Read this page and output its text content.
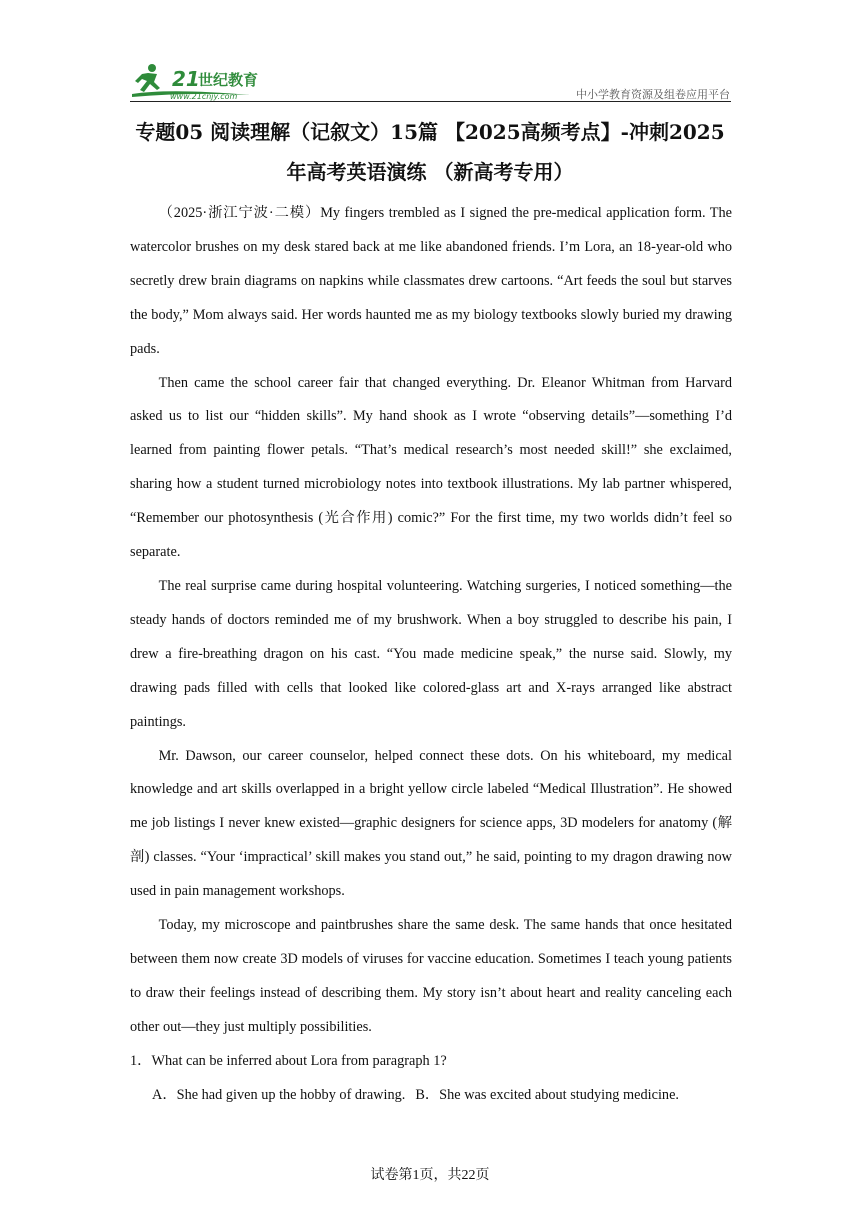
21
世纪教育
www.21cnjy.com	中小学教育资源及组卷应用平台
专题05 阅读理解（记叙文）15篇 【2025高频考点】-冲刺2025
年高考英语演练 （新高考专用）

（2025·浙江宁波·二模）My fingers trembled as I signed the pre-medical application form. The watercolor brushes on my desk stared back at me like abandoned friends. I’m Lora, an 18-year-old who secretly drew brain diagrams on napkins while classmates drew cartoons. “Art feeds the soul but starves the body,” Mom always said. Her words haunted me as my biology textbooks slowly buried my drawing pads.

Then came the school career fair that changed everything. Dr. Eleanor Whitman from Harvard asked us to list our “hidden skills”. My hand shook as I wrote “observing details”—something I’d learned from painting flower petals. “That’s medical research’s most needed skill!” she exclaimed, sharing how a student turned microbiology notes into textbook illustrations. My lab partner whispered, “Remember our photosynthesis (光合作用) comic?” For the first time, my two worlds didn’t feel so separate.

The real surprise came during hospital volunteering. Watching surgeries, I noticed something—the steady hands of doctors reminded me of my brushwork. When a boy struggled to describe his pain, I drew a fire-breathing dragon on his cast. “You made medicine speak,” the nurse said. Slowly, my drawing pads filled with cells that looked like colored-glass art and X-rays arranged like abstract paintings.

Mr. Dawson, our career counselor, helped connect these dots. On his whiteboard, my medical knowledge and art skills overlapped in a bright yellow circle labeled “Medical Illustration”. He showed me job listings I never knew existed—graphic designers for science apps, 3D modelers for anatomy (解剖) classes. “Your ‘impractical’ skill makes you stand out,” he said, pointing to my dragon drawing now used in pain management workshops.

Today, my microscope and paintbrushes share the same desk. The same hands that once hesitated between them now create 3D models of viruses for vaccine education. Sometimes I teach young patients to draw their feelings instead of describing them. My story isn’t about heart and reality canceling each other out—they just multiply possibilities.

1．What can be inferred about Lora from paragraph 1?
A．She had given up the hobby of drawing. B．She was excited about studying medicine.
试卷第1页，共22页
